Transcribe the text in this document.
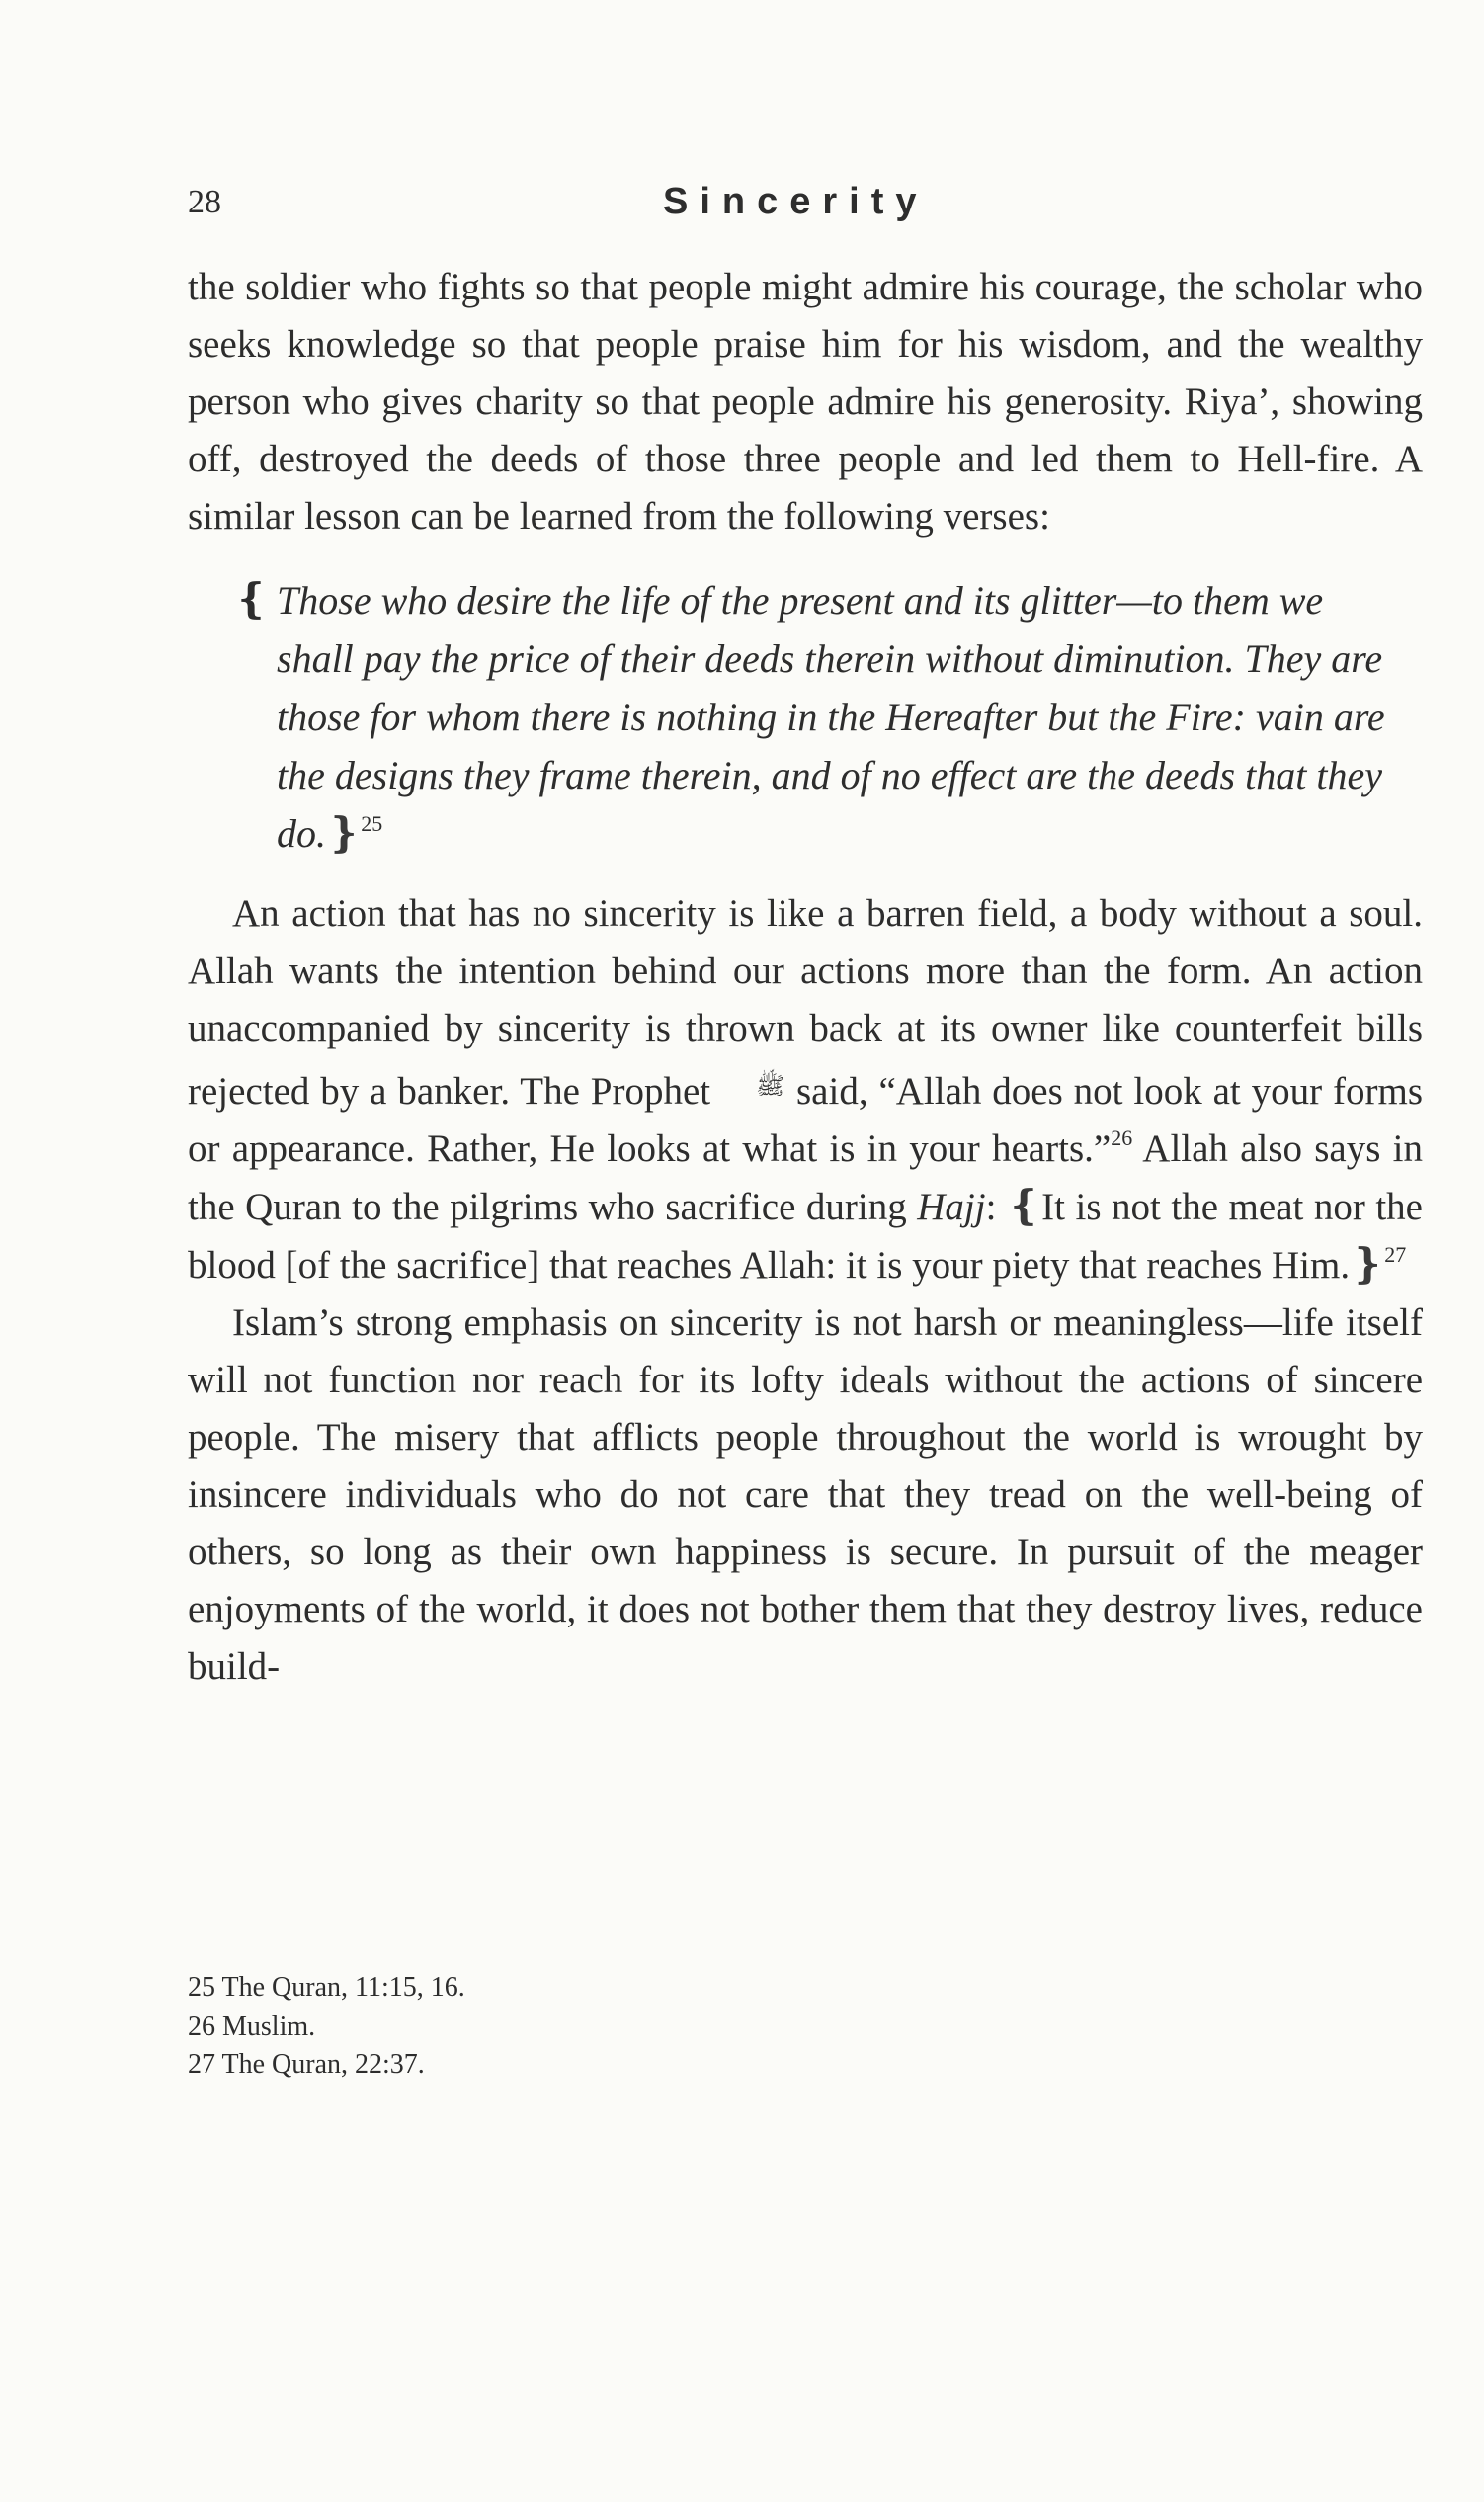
28	Sincerity

the soldier who fights so that people might admire his courage, the scholar who seeks knowledge so that people praise him for his wisdom, and the wealthy person who gives charity so that people admire his generosity. Riya’, showing off, destroyed the deeds of those three people and led them to Hell-fire. A similar lesson can be learned from the following verses:

❴ Those who desire the life of the present and its glitter—to them we shall pay the price of their deeds therein without diminution. They are those for whom there is nothing in the Hereafter but the Fire: vain are the designs they frame therein, and of no effect are the deeds that they do.❵$^{25}$

An action that has no sincerity is like a barren field, a body without a soul. Allah wants the intention behind our actions more than the form. An action unaccompanied by sincerity is thrown back at its owner like counterfeit bills rejected by a banker. The Prophet ﷺ said, “Allah does not look at your forms or appearance. Rather, He looks at what is in your hearts.”$^{26}$ Allah also says in the Quran to the pilgrims who sacrifice during Hajj: ❴It is not the meat nor the blood [of the sacrifice] that reaches Allah: it is your piety that reaches Him.❵$^{27}$

Islam’s strong emphasis on sincerity is not harsh or meaningless—life itself will not function nor reach for its lofty ideals without the actions of sincere people. The misery that afflicts people throughout the world is wrought by insincere individuals who do not care that they tread on the well-being of others, so long as their own happiness is secure. In pursuit of the meager enjoyments of the world, it does not bother them that they destroy lives, reduce build-

25 The Quran, 11:15, 16.

26 Muslim.

27 The Quran, 22:37.
